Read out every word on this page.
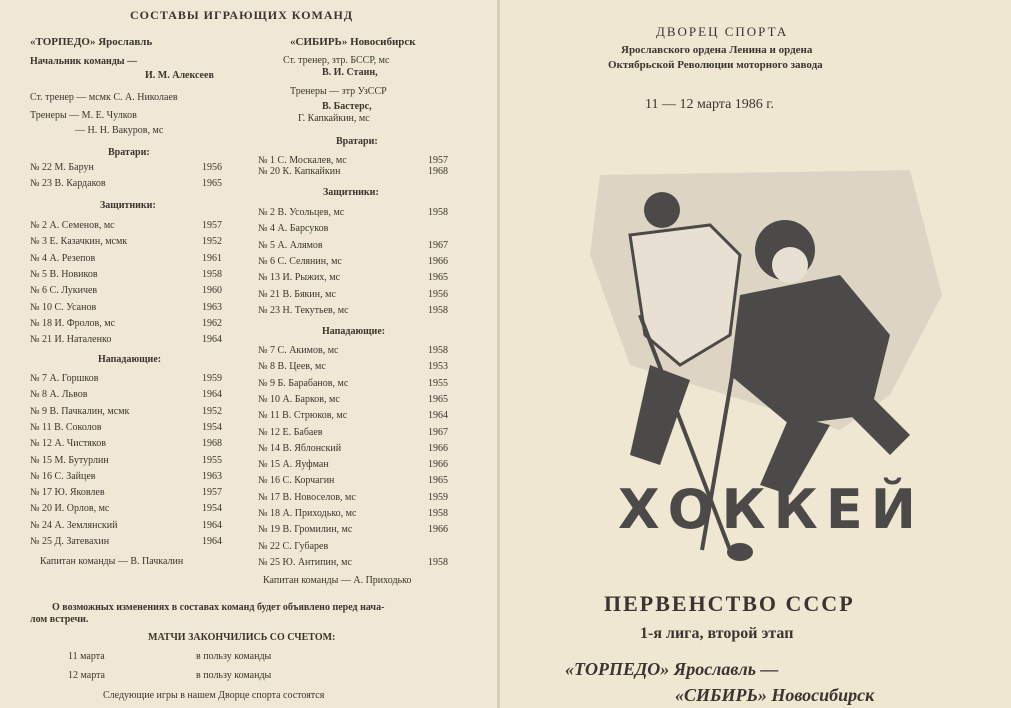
СОСТАВЫ ИГРАЮЩИХ КОМАНД
«ТОРПЕДО» Ярославль
Начальник команды —
И. М. Алексеев
Ст. тренер — мсмк С. А. Николаев
Тренеры — М. Е. Чулков
— Н. Н. Вакуров, мс
Вратари:
№ 22 М. Барун	1956
№ 23 В. Кардаков	1965
Защитники:
№ 2 А. Семенов, мс	1957
№ 3 Е. Казачкин, мсмк	1952
№ 4 А. Резепов	1961
№ 5 В. Новиков	1958
№ 6 С. Лукичев	1960
№ 10 С. Усанов	1963
№ 18 И. Фролов, мс	1962
№ 21 И. Наталенко	1964
Нападающие:
№ 7 А. Горшков	1959
№ 8 А. Львов	1964
№ 9 В. Пачкалин, мсмк	1952
№ 11 В. Соколов	1954
№ 12 А. Чистяков	1968
№ 15 М. Бутурлин	1955
№ 16 С. Зайцев	1963
№ 17 Ю. Яковлев	1957
№ 20 И. Орлов, мс	1954
№ 24 А. Землянский	1964
№ 25 Д. Затевахин	1964
Капитан команды — В. Пачкалин
«СИБИРЬ» Новосибирск
Ст. тренер, зтр. БССР, мс
В. И. Стаин,
Тренеры — зтр УзССР
В. Бастерс,
Г. Капкайкин, мс
Вратари:
№ 1 С. Москалев, мс	1957
№ 20 К. Капкайкин	1968
Защитники:
№ 2 В. Усольцев, мс	1958
№ 4 А. Барсуков
№ 5 А. Алямов	1967
№ 6 С. Селянин, мс	1966
№ 13 И. Рыжих, мс	1965
№ 21 В. Бякин, мс	1956
№ 23 Н. Текутьев, мс	1958
Нападающие:
№ 7 С. Акимов, мс	1958
№ 8 В. Цеев, мс	1953
№ 9 Б. Барабанов, мс	1955
№ 10 А. Барков, мс	1965
№ 11 В. Стрюков, мс	1964
№ 12 Е. Бабаев	1967
№ 14 В. Яблонский	1966
№ 15 А. Яуфман	1966
№ 16 С. Корчагин	1965
№ 17 В. Новоселов, мс	1959
№ 18 А. Приходько, мс	1958
№ 19 В. Громилин, мс	1966
№ 22 С. Губарев
№ 25 Ю. Антипин, мс	1958
Капитан команды — А. Приходько
О возможных изменениях в составах команд будет объявлено перед нача-
лом встречи.
МАТЧИ ЗАКОНЧИЛИСЬ СО СЧЕТОМ:
11 марта	в пользу команды
12 марта	в пользу команды
Следующие игры в нашем Дворце спорта состоятся
ДВОРЕЦ СПОРТА
Ярославского ордена Ленина и ордена
Октябрьской Революции моторного завода
11 — 12 марта 1986 г.
ХОККЕЙ
ПЕРВЕНСТВО СССР
1-я лига, второй этап
«ТОРПЕДО» Ярославль —
«СИБИРЬ» Новосибирск
